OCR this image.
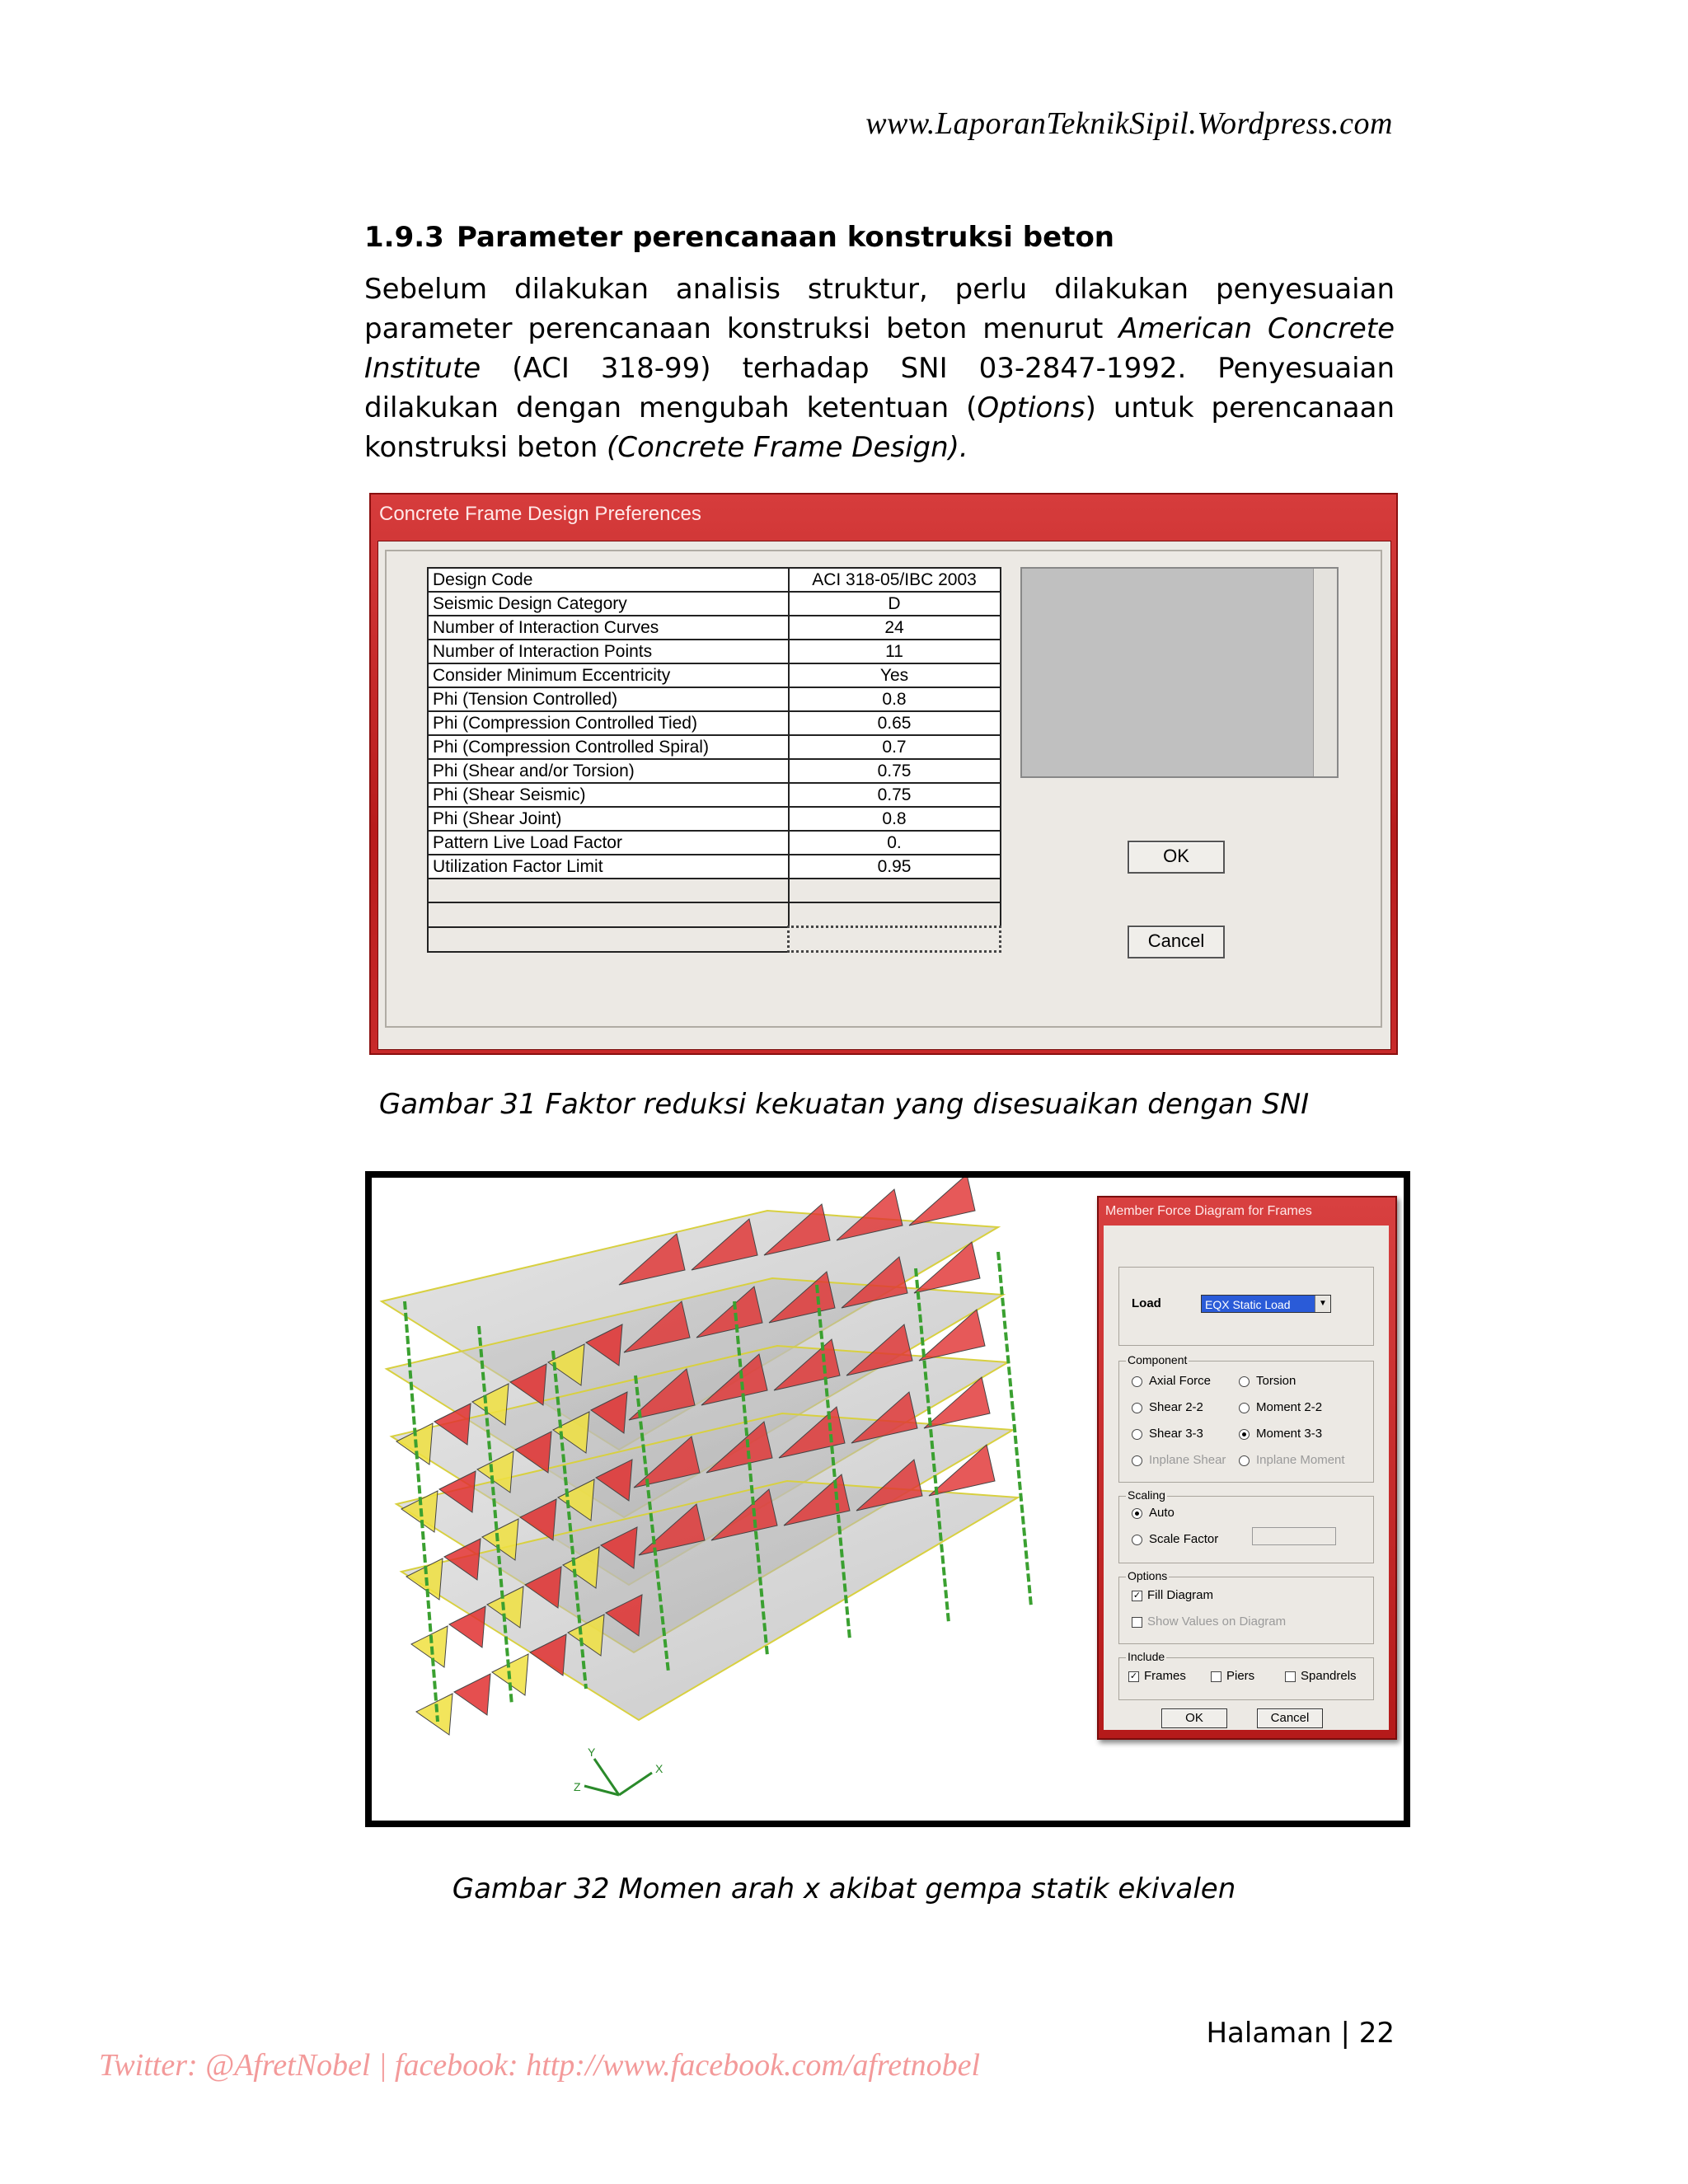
www.LaporanTeknikSipil.Wordpress.com
1.9.3 Parameter perencanaan konstruksi beton
Sebelum dilakukan analisis struktur, perlu dilakukan penyesuaian parameter perencanaan konstruksi beton menurut American Concrete Institute (ACI 318-99) terhadap SNI 03-2847-1992. Penyesuaian dilakukan dengan mengubah ketentuan (Options) untuk perencanaan konstruksi beton (Concrete Frame Design).
Concrete Frame Design Preferences
Design Code	ACI 318-05/IBC 2003
Seismic Design Category	D
Number of Interaction Curves	24
Number of Interaction Points	11
Consider Minimum Eccentricity	Yes
Phi (Tension Controlled)	0.8
Phi (Compression Controlled Tied)	0.65
Phi (Compression Controlled Spiral)	0.7
Phi (Shear and/or Torsion)	0.75
Phi (Shear Seismic)	0.75
Phi (Shear Joint)	0.8
Pattern Live Load Factor	0.
Utilization Factor Limit	0.95

		OK
Cancel
Gambar 31 Faktor reduksi kekuatan yang disesuaikan dengan SNI
Y
X
Z
Member Force Diagram for Frames
Load	EQX Static Load	▼
Component
Axial Force	Torsion
Shear 2-2	Moment 2-2
Shear 3-3	Moment 3-3
Inplane Shear	Inplane Moment
Scaling
Auto
Scale Factor
Options
✓ Fill Diagram
Show Values on Diagram
Include
✓ Frames	Piers	Spandrels
OK	Cancel
Gambar 32 Momen arah x akibat gempa statik ekivalen
Halaman | 22
Twitter: @AfretNobel | facebook: http://www.facebook.com/afretnobel
